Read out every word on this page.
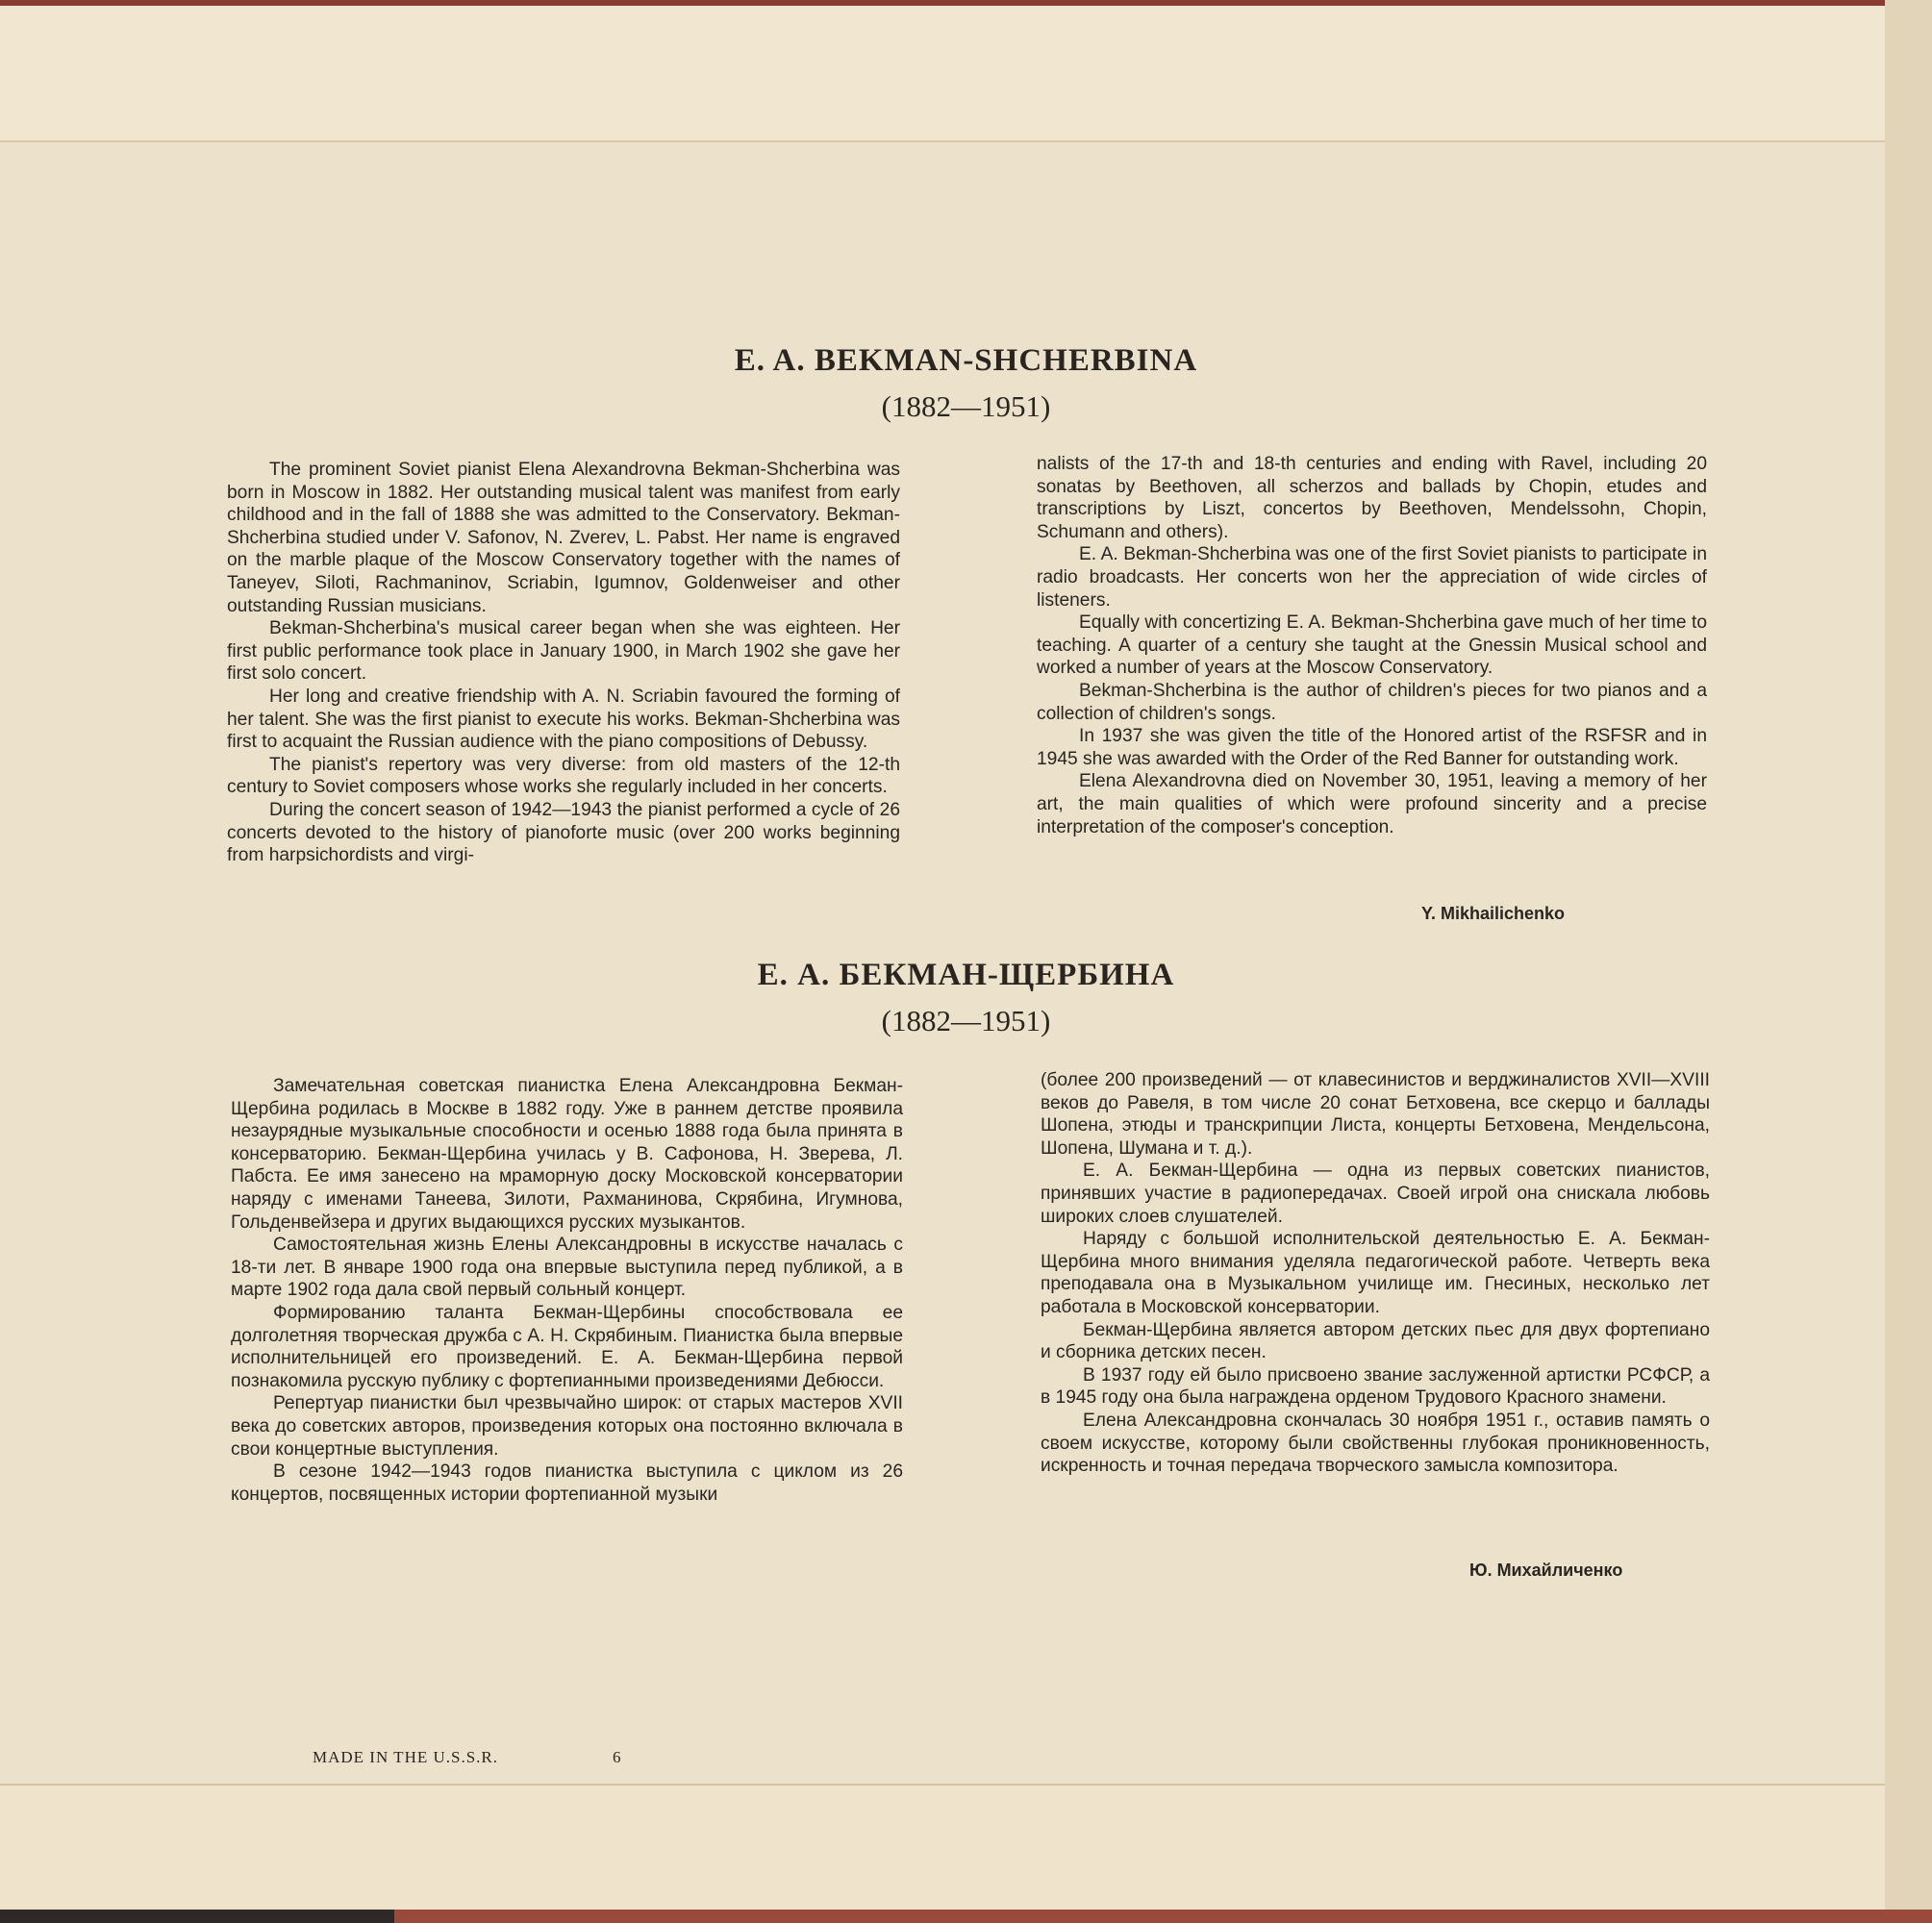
E. A. BEKMAN-SHCHERBINA
(1882—1951)

The prominent Soviet pianist Elena Alexandrovna Bekman-Shcherbina was born in Moscow in 1882. Her outstanding musical talent was manifest from early childhood and in the fall of 1888 she was admitted to the Conservatory. Bekman-Shcherbina studied under V. Safonov, N. Zverev, L. Pabst. Her name is engraved on the marble plaque of the Moscow Conservatory together with the names of Taneyev, Siloti, Rachmaninov, Scriabin, Igumnov, Goldenweiser and other outstanding Russian musicians.

Bekman-Shcherbina's musical career began when she was eighteen. Her first public performance took place in January 1900, in March 1902 she gave her first solo concert.

Her long and creative friendship with A. N. Scriabin favoured the forming of her talent. She was the first pianist to execute his works. Bekman-Shcherbina was first to acquaint the Russian audience with the piano compositions of Debussy.

The pianist's repertory was very diverse: from old masters of the 12-th century to Soviet composers whose works she regularly included in her concerts.

During the concert season of 1942—1943 the pianist performed a cycle of 26 concerts devoted to the history of pianoforte music (over 200 works beginning from harpsichordists and virgi-

nalists of the 17-th and 18-th centuries and ending with Ravel, including 20 sonatas by Beethoven, all scherzos and ballads by Chopin, etudes and transcriptions by Liszt, concertos by Beethoven, Mendelssohn, Chopin, Schumann and others).

E. A. Bekman-Shcherbina was one of the first Soviet pianists to participate in radio broadcasts. Her concerts won her the appreciation of wide circles of listeners.

Equally with concertizing E. A. Bekman-Shcherbina gave much of her time to teaching. A quarter of a century she taught at the Gnessin Musical school and worked a number of years at the Moscow Conservatory.

Bekman-Shcherbina is the author of children's pieces for two pianos and a collection of children's songs.

In 1937 she was given the title of the Honored artist of the RSFSR and in 1945 she was awarded with the Order of the Red Banner for outstanding work.

Elena Alexandrovna died on November 30, 1951, leaving a memory of her art, the main qualities of which were profound sincerity and a precise interpretation of the composer's conception.

Y. Mikhailichenko
Е. А. БЕКМАН-ЩЕРБИНА
(1882—1951)

Замечательная советская пианистка Елена Александровна Бекман-Щербина родилась в Москве в 1882 году. Уже в раннем детстве проявила незаурядные музыкальные способности и осенью 1888 года была принята в консерваторию. Бекман-Щербина училась у В. Сафонова, Н. Зверева, Л. Пабста. Ее имя занесено на мраморную доску Московской консерватории наряду с именами Танеева, Зилоти, Рахманинова, Скрябина, Игумнова, Гольденвейзера и других выдающихся русских музыкантов.

Самостоятельная жизнь Елены Александровны в искусстве началась с 18-ти лет. В январе 1900 года она впервые выступила перед публикой, а в марте 1902 года дала свой первый сольный концерт.

Формированию таланта Бекман-Щербины способствовала ее долголетняя творческая дружба с А. Н. Скрябиным. Пианистка была впервые исполнительницей его произведений. Е. А. Бекман-Щербина первой познакомила русскую публику с фортепианными произведениями Дебюсси.

Репертуар пианистки был чрезвычайно широк: от старых мастеров XVII века до советских авторов, произведения которых она постоянно включала в свои концертные выступления.

В сезоне 1942—1943 годов пианистка выступила с циклом из 26 концертов, посвященных истории фортепианной музыки

(более 200 произведений — от клавесинистов и верджиналистов XVII—XVIII веков до Равеля, в том числе 20 сонат Бетховена, все скерцо и баллады Шопена, этюды и транскрипции Листа, концерты Бетховена, Мендельсона, Шопена, Шумана и т. д.).

Е. А. Бекман-Щербина — одна из первых советских пианистов, принявших участие в радиопередачах. Своей игрой она снискала любовь широких слоев слушателей.

Наряду с большой исполнительской деятельностью Е. А. Бекман-Щербина много внимания уделяла педагогической работе. Четверть века преподавала она в Музыкальном училище им. Гнесиных, несколько лет работала в Московской консерватории.

Бекман-Щербина является автором детских пьес для двух фортепиано и сборника детских песен.

В 1937 году ей было присвоено звание заслуженной артистки РСФСР, а в 1945 году она была награждена орденом Трудового Красного знамени.

Елена Александровна скончалась 30 ноября 1951 г., оставив память о своем искусстве, которому были свойственны глубокая проникновенность, искренность и точная передача творческого замысла композитора.

Ю. Михайличенко
MADE IN THE U.S.S.R.	6
